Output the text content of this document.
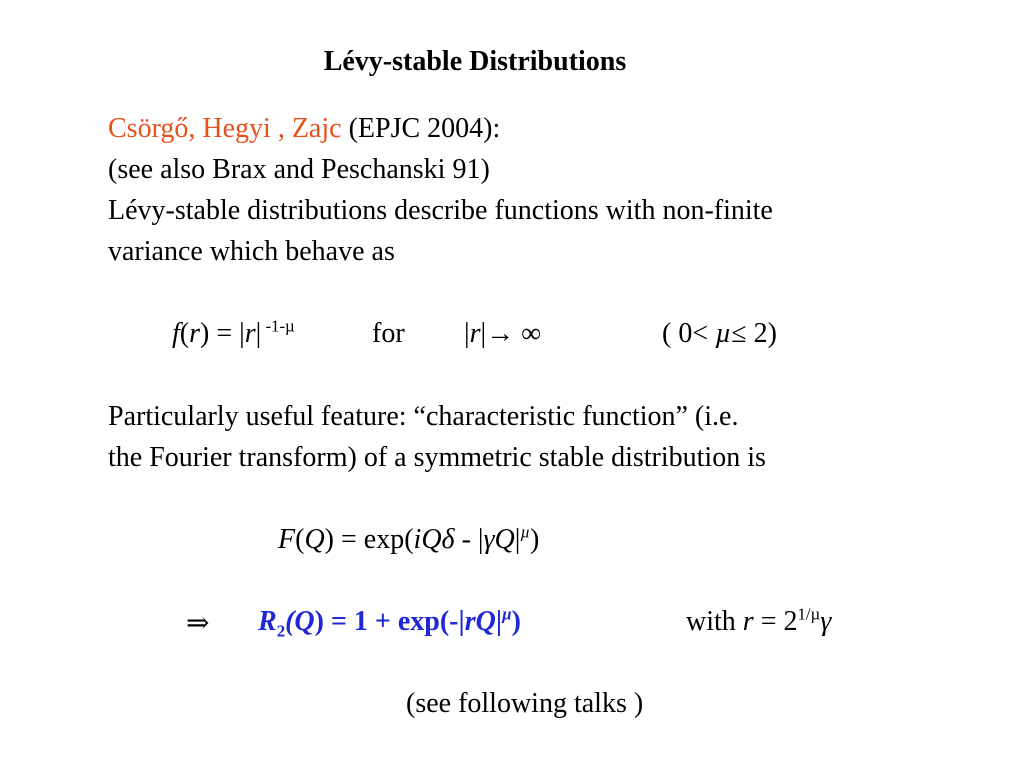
Lévy-stable Distributions
Csörgő, Hegyi , Zajc (EPJC 2004):
(see also Brax and Peschanski 91)
Lévy-stable distributions describe functions with non-finite
variance which behave as
f(r) = |r| $^{-1-\mu}$	for |r|→ ∞	( 0< µ≤ 2)
Particularly useful feature: “characteristic function” (i.e.
the Fourier transform) of a symmetric stable distribution is
$F(Q) = \exp(iQ\delta - |\gamma Q|^\mu)$
⇒ $R_2(Q) = 1 + \exp(-|rQ|^\mu)$	with $r = 2^{1/\mu}\gamma$
(see following talks )
